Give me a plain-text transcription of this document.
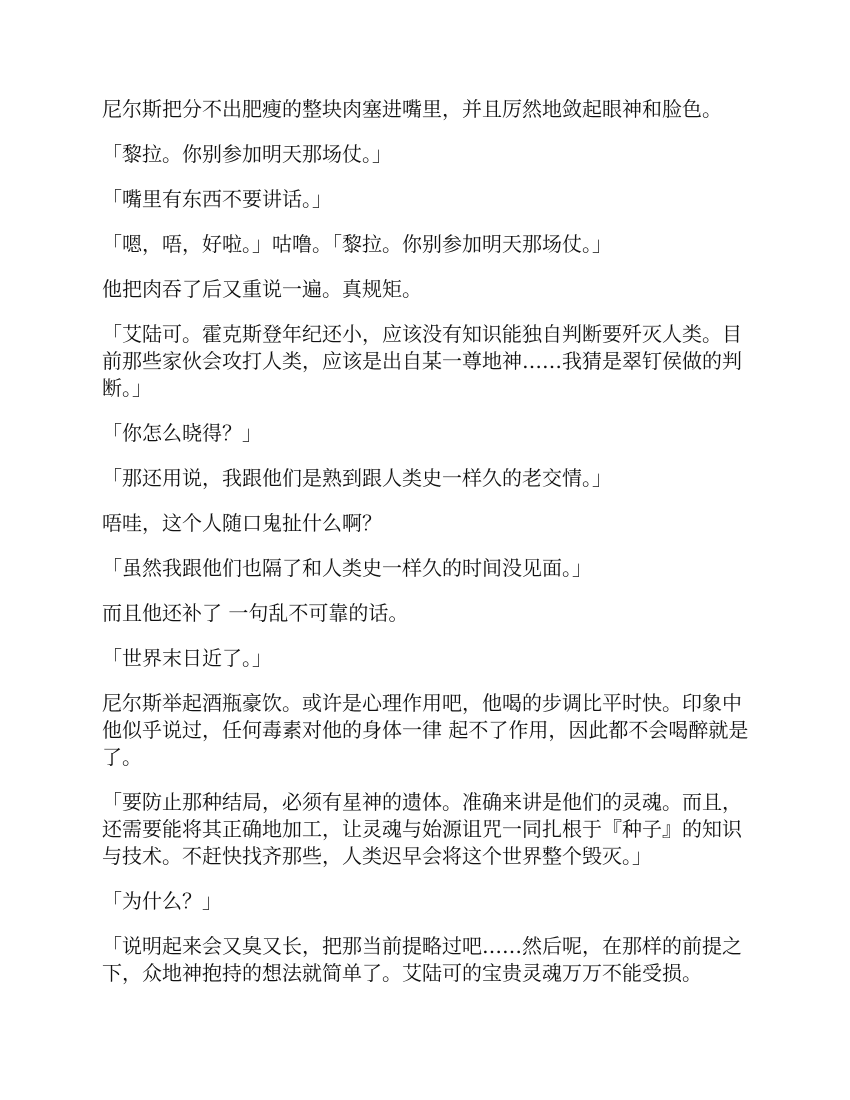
尼尔斯把分不出肥瘦的整块肉塞进嘴里，并且厉然地敛起眼神和脸色。

「黎拉。你别参加明天那场仗。」

「嘴里有东西不要讲话。」

「嗯，唔，好啦。」咕噜。「黎拉。你别参加明天那场仗。」

他把肉吞了后又重说一遍。真规矩。

「艾陆可。霍克斯登年纪还小，应该没有知识能独自判断要歼灭人类。目前那些家伙会攻打人类，应该是出自某一尊地神……我猜是翠钉侯做的判断。」

「你怎么晓得？」

「那还用说，我跟他们是熟到跟人类史一样久的老交情。」

唔哇，这个人随口鬼扯什么啊？

「虽然我跟他们也隔了和人类史一样久的时间没见面。」

而且他还补了 一句乱不可靠的话。

「世界末日近了。」

尼尔斯举起酒瓶豪饮。或许是心理作用吧，他喝的步调比平时快。印象中他似乎说过，任何毒素对他的身体一律 起不了作用，因此都不会喝醉就是了。

「要防止那种结局，必须有星神的遗体。准确来讲是他们的灵魂。而且，还需要能将其正确地加工，让灵魂与始源诅咒一同扎根于『种子』的知识与技术。不赶快找齐那些，人类迟早会将这个世界整个毁灭。」

「为什么？」

「说明起来会又臭又长，把那当前提略过吧……然后呢，在那样的前提之下，众地神抱持的想法就简单了。艾陆可的宝贵灵魂万万不能受损。
